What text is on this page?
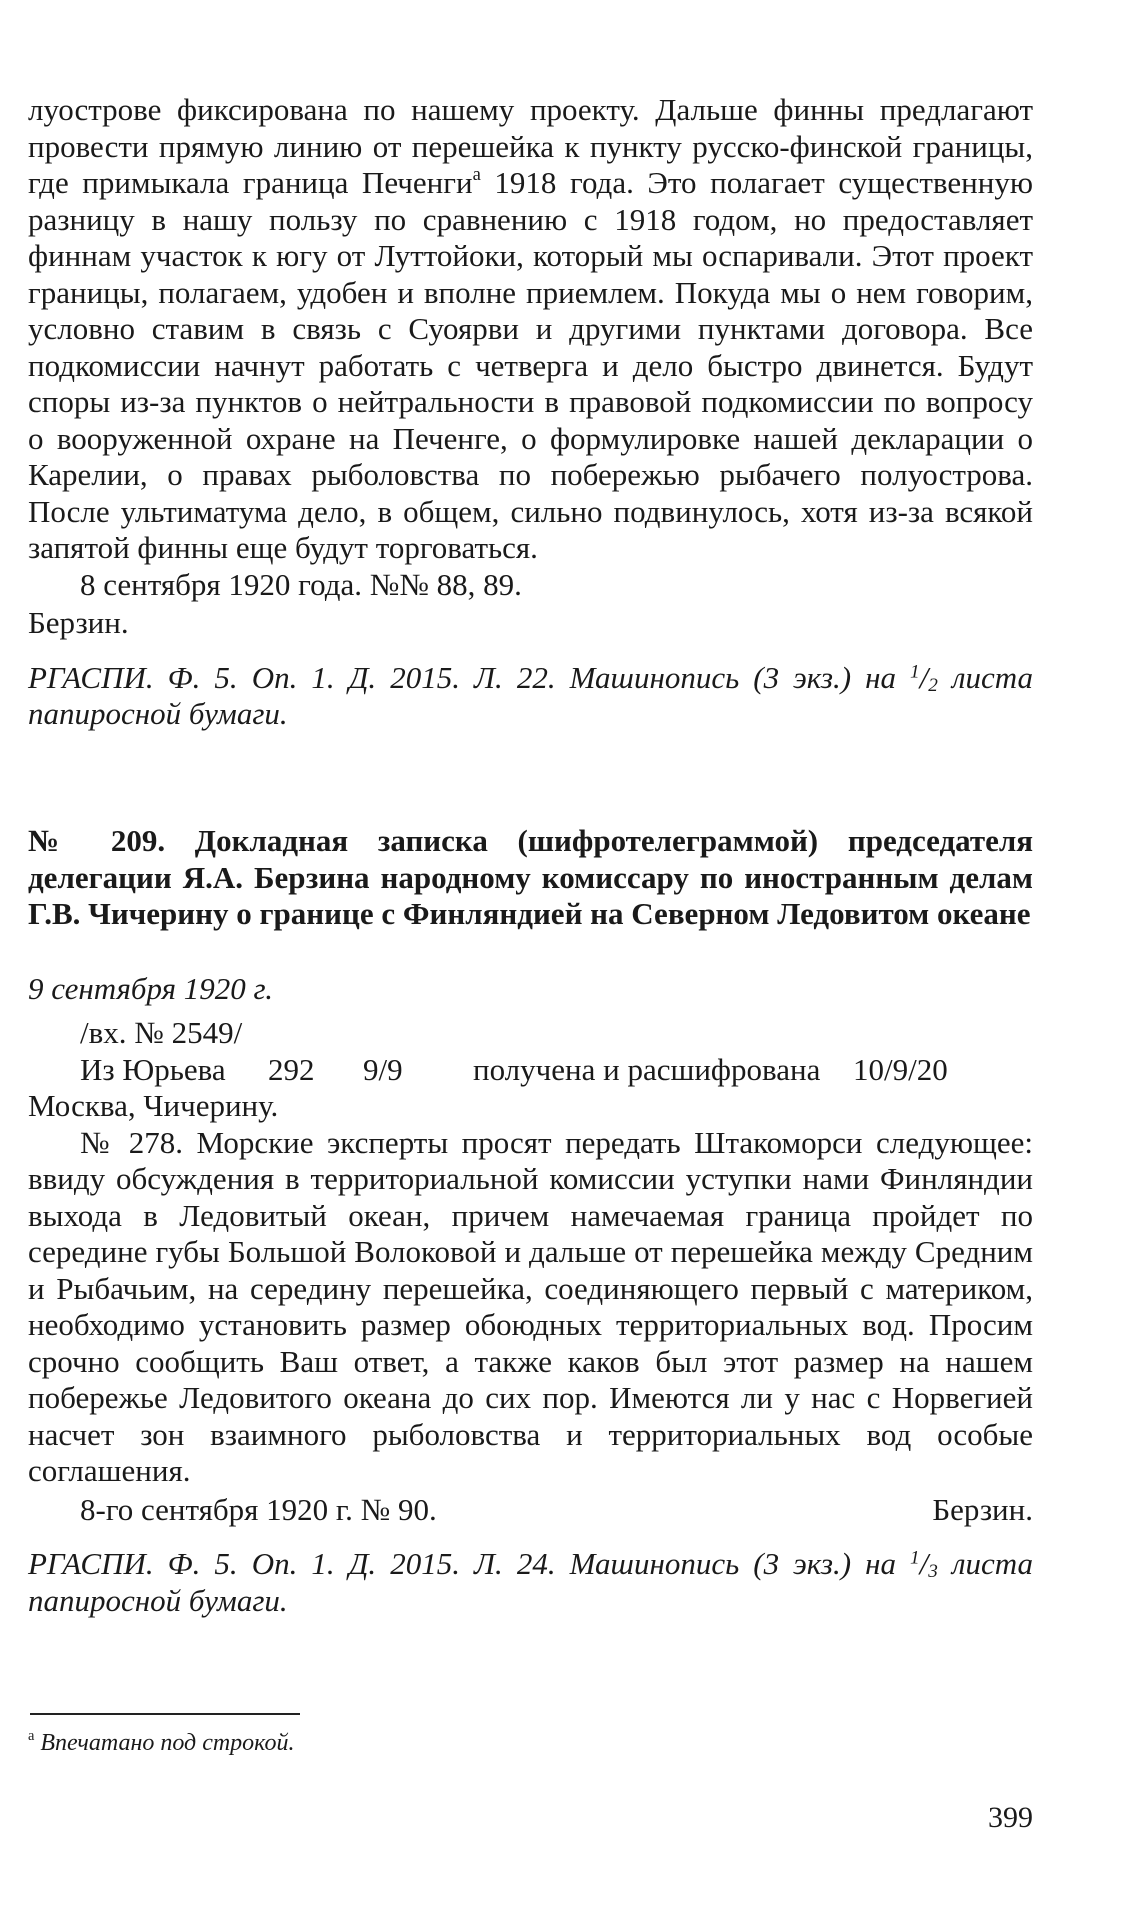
луострове фиксирована по нашему проекту. Дальше финны предлагают провести прямую линию от перешейка к пункту русско-финской границы, где примыкала граница Печенги$^а$ 1918 года. Это полагает существенную разницу в нашу пользу по сравнению с 1918 годом, но предоставляет финнам участок к югу от Луттойоки, который мы оспаривали. Этот проект границы, полагаем, удобен и вполне приемлем. Покуда мы о нем говорим, условно ставим в связь с Суоярви и другими пунктами договора. Все подкомиссии начнут работать с четверга и дело быстро двинется. Будут споры из-за пунктов о нейтральности в правовой подкомиссии по вопросу о вооруженной охране на Печенге, о формулировке нашей декларации о Карелии, о правах рыболовства по побережью рыбачего полуострова. После ультиматума дело, в общем, сильно подвинулось, хотя из-за всякой запятой финны еще будут торговаться.

8 сентября 1920 года. №№ 88, 89.

Берзин.

РГАСПИ. Ф. 5. Оп. 1. Д. 2015. Л. 22. Машинопись (3 экз.) на $^1$/2 листа папиросной бумаги.

№ 209. Докладная записка (шифротелеграммой) председателя делегации Я.А. Берзина народному комиссару по иностранным делам Г.В. Чичерину о границе с Финляндией на Северном Ледовитом океане

9 сентября 1920 г.

/вх. № 2549/

Из Юрьева	292	9/9	получена и расшифрована	10/9/20

Москва, Чичерину.

№ 278. Морские эксперты просят передать Штакоморси следующее: ввиду обсуждения в территориальной комиссии уступки нами Финляндии выхода в Ледовитый океан, причем намечаемая граница пройдет по середине губы Большой Волоковой и дальше от перешейка между Средним и Рыбачьим, на середину перешейка, соединяющего первый с материком, необходимо установить размер обоюдных территориальных вод. Просим срочно сообщить Ваш ответ, а также каков был этот размер на нашем побережье Ледовитого океана до сих пор. Имеются ли у нас с Норвегией насчет зон взаимного рыболовства и территориальных вод особые соглашения.

8-го сентября 1920 г. № 90.	Берзин.

РГАСПИ. Ф. 5. Оп. 1. Д. 2015. Л. 24. Машинопись (3 экз.) на $^1$/3 листа папиросной бумаги.

$^а$ Впечатано под строкой.
399
